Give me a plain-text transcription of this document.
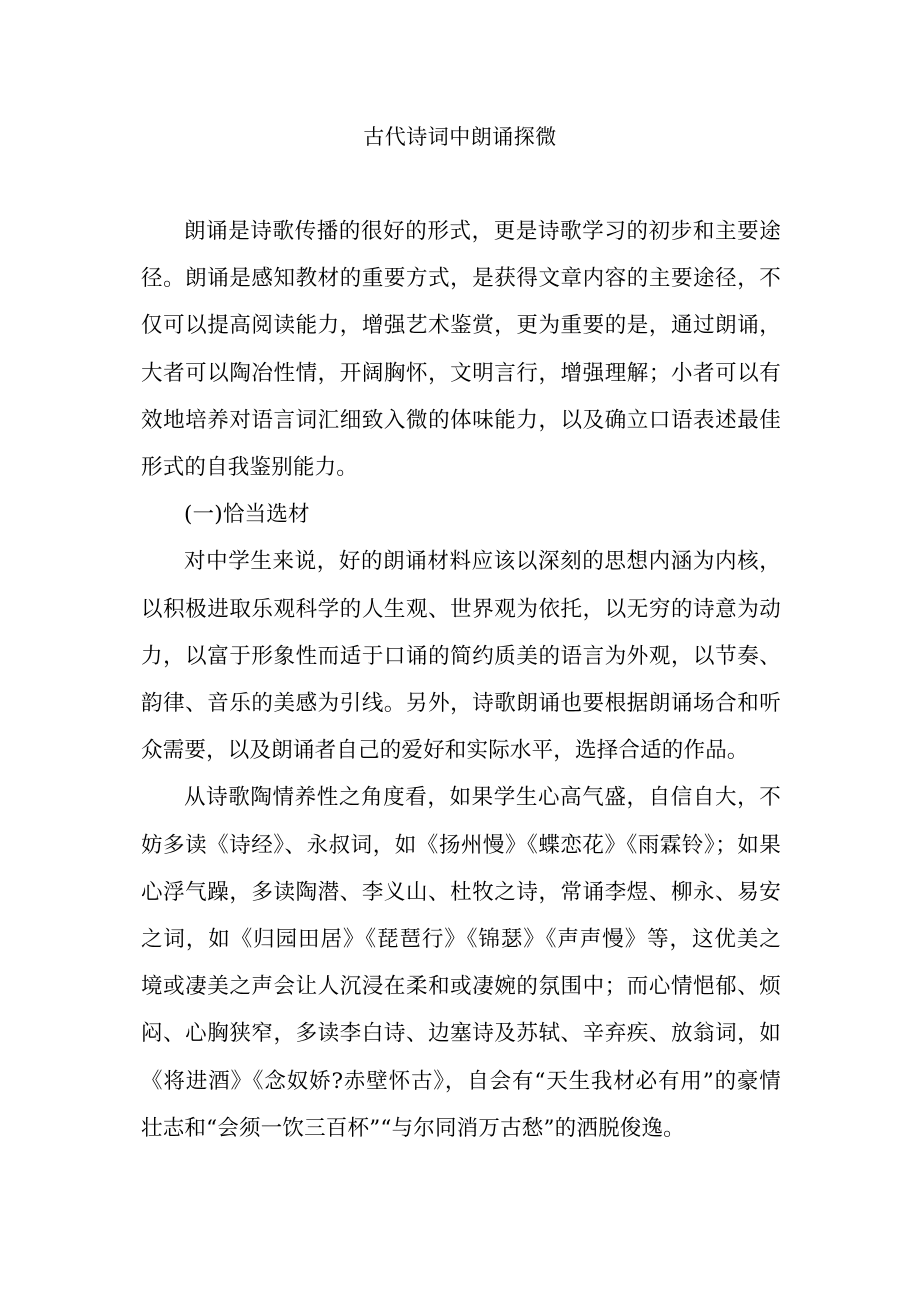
古代诗词中朗诵探微

朗诵是诗歌传播的很好的形式，更是诗歌学习的初步和主要途径。朗诵是感知教材的重要方式，是获得文章内容的主要途径，不仅可以提高阅读能力，增强艺术鉴赏，更为重要的是，通过朗诵，大者可以陶冶性情，开阔胸怀，文明言行，增强理解；小者可以有效地培养对语言词汇细致入微的体味能力，以及确立口语表述最佳形式的自我鉴别能力。

(一)恰当选材

对中学生来说，好的朗诵材料应该以深刻的思想内涵为内核，以积极进取乐观科学的人生观、世界观为依托，以无穷的诗意为动力，以富于形象性而适于口诵的简约质美的语言为外观，以节奏、韵律、音乐的美感为引线。另外，诗歌朗诵也要根据朗诵场合和听众需要，以及朗诵者自己的爱好和实际水平，选择合适的作品。

从诗歌陶情养性之角度看，如果学生心高气盛，自信自大，不妨多读《诗经》、永叔词，如《扬州慢》《蝶恋花》《雨霖铃》；如果心浮气躁，多读陶潜、李义山、杜牧之诗，常诵李煜、柳永、易安之词，如《归园田居》《琵琶行》《锦瑟》《声声慢》等，这优美之境或凄美之声会让人沉浸在柔和或凄婉的氛围中；而心情悒郁、烦闷、心胸狭窄，多读李白诗、边塞诗及苏轼、辛弃疾、放翁词，如《将进酒》《念奴娇?赤壁怀古》，自会有“天生我材必有用”的豪情壮志和“会须一饮三百杯”“与尔同消万古愁”的洒脱俊逸。
